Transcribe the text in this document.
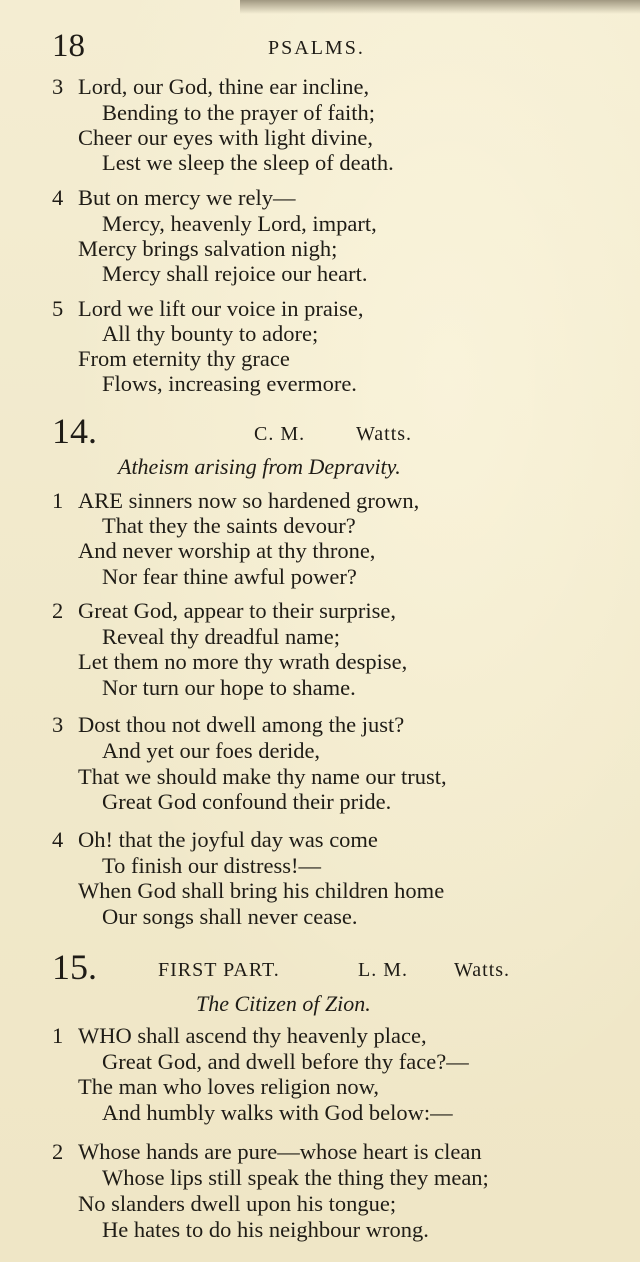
18	PSALMS.
3 Lord, our God, thine ear incline,
Bending to the prayer of faith;
Cheer our eyes with light divine,
Lest we sleep the sleep of death.
4 But on mercy we rely—
Mercy, heavenly Lord, impart,
Mercy brings salvation nigh;
Mercy shall rejoice our heart.
5 Lord we lift our voice in praise,
All thy bounty to adore;
From eternity thy grace
Flows, increasing evermore.
14.	C. M.	Watts.
Atheism arising from Depravity.
1 ARE sinners now so hardened grown,
That they the saints devour?
And never worship at thy throne,
Nor fear thine awful power?
2 Great God, appear to their surprise,
Reveal thy dreadful name;
Let them no more thy wrath despise,
Nor turn our hope to shame.
3 Dost thou not dwell among the just?
And yet our foes deride,
That we should make thy name our trust,
Great God confound their pride.
4 Oh! that the joyful day was come
To finish our distress!—
When God shall bring his children home
Our songs shall never cease.
15.	FIRST PART.	L. M. Watts.
The Citizen of Zion.
1 WHO shall ascend thy heavenly place,
Great God, and dwell before thy face?—
The man who loves religion now,
And humbly walks with God below:—
2 Whose hands are pure—whose heart is clean
Whose lips still speak the thing they mean;
No slanders dwell upon his tongue;
He hates to do his neighbour wrong.
